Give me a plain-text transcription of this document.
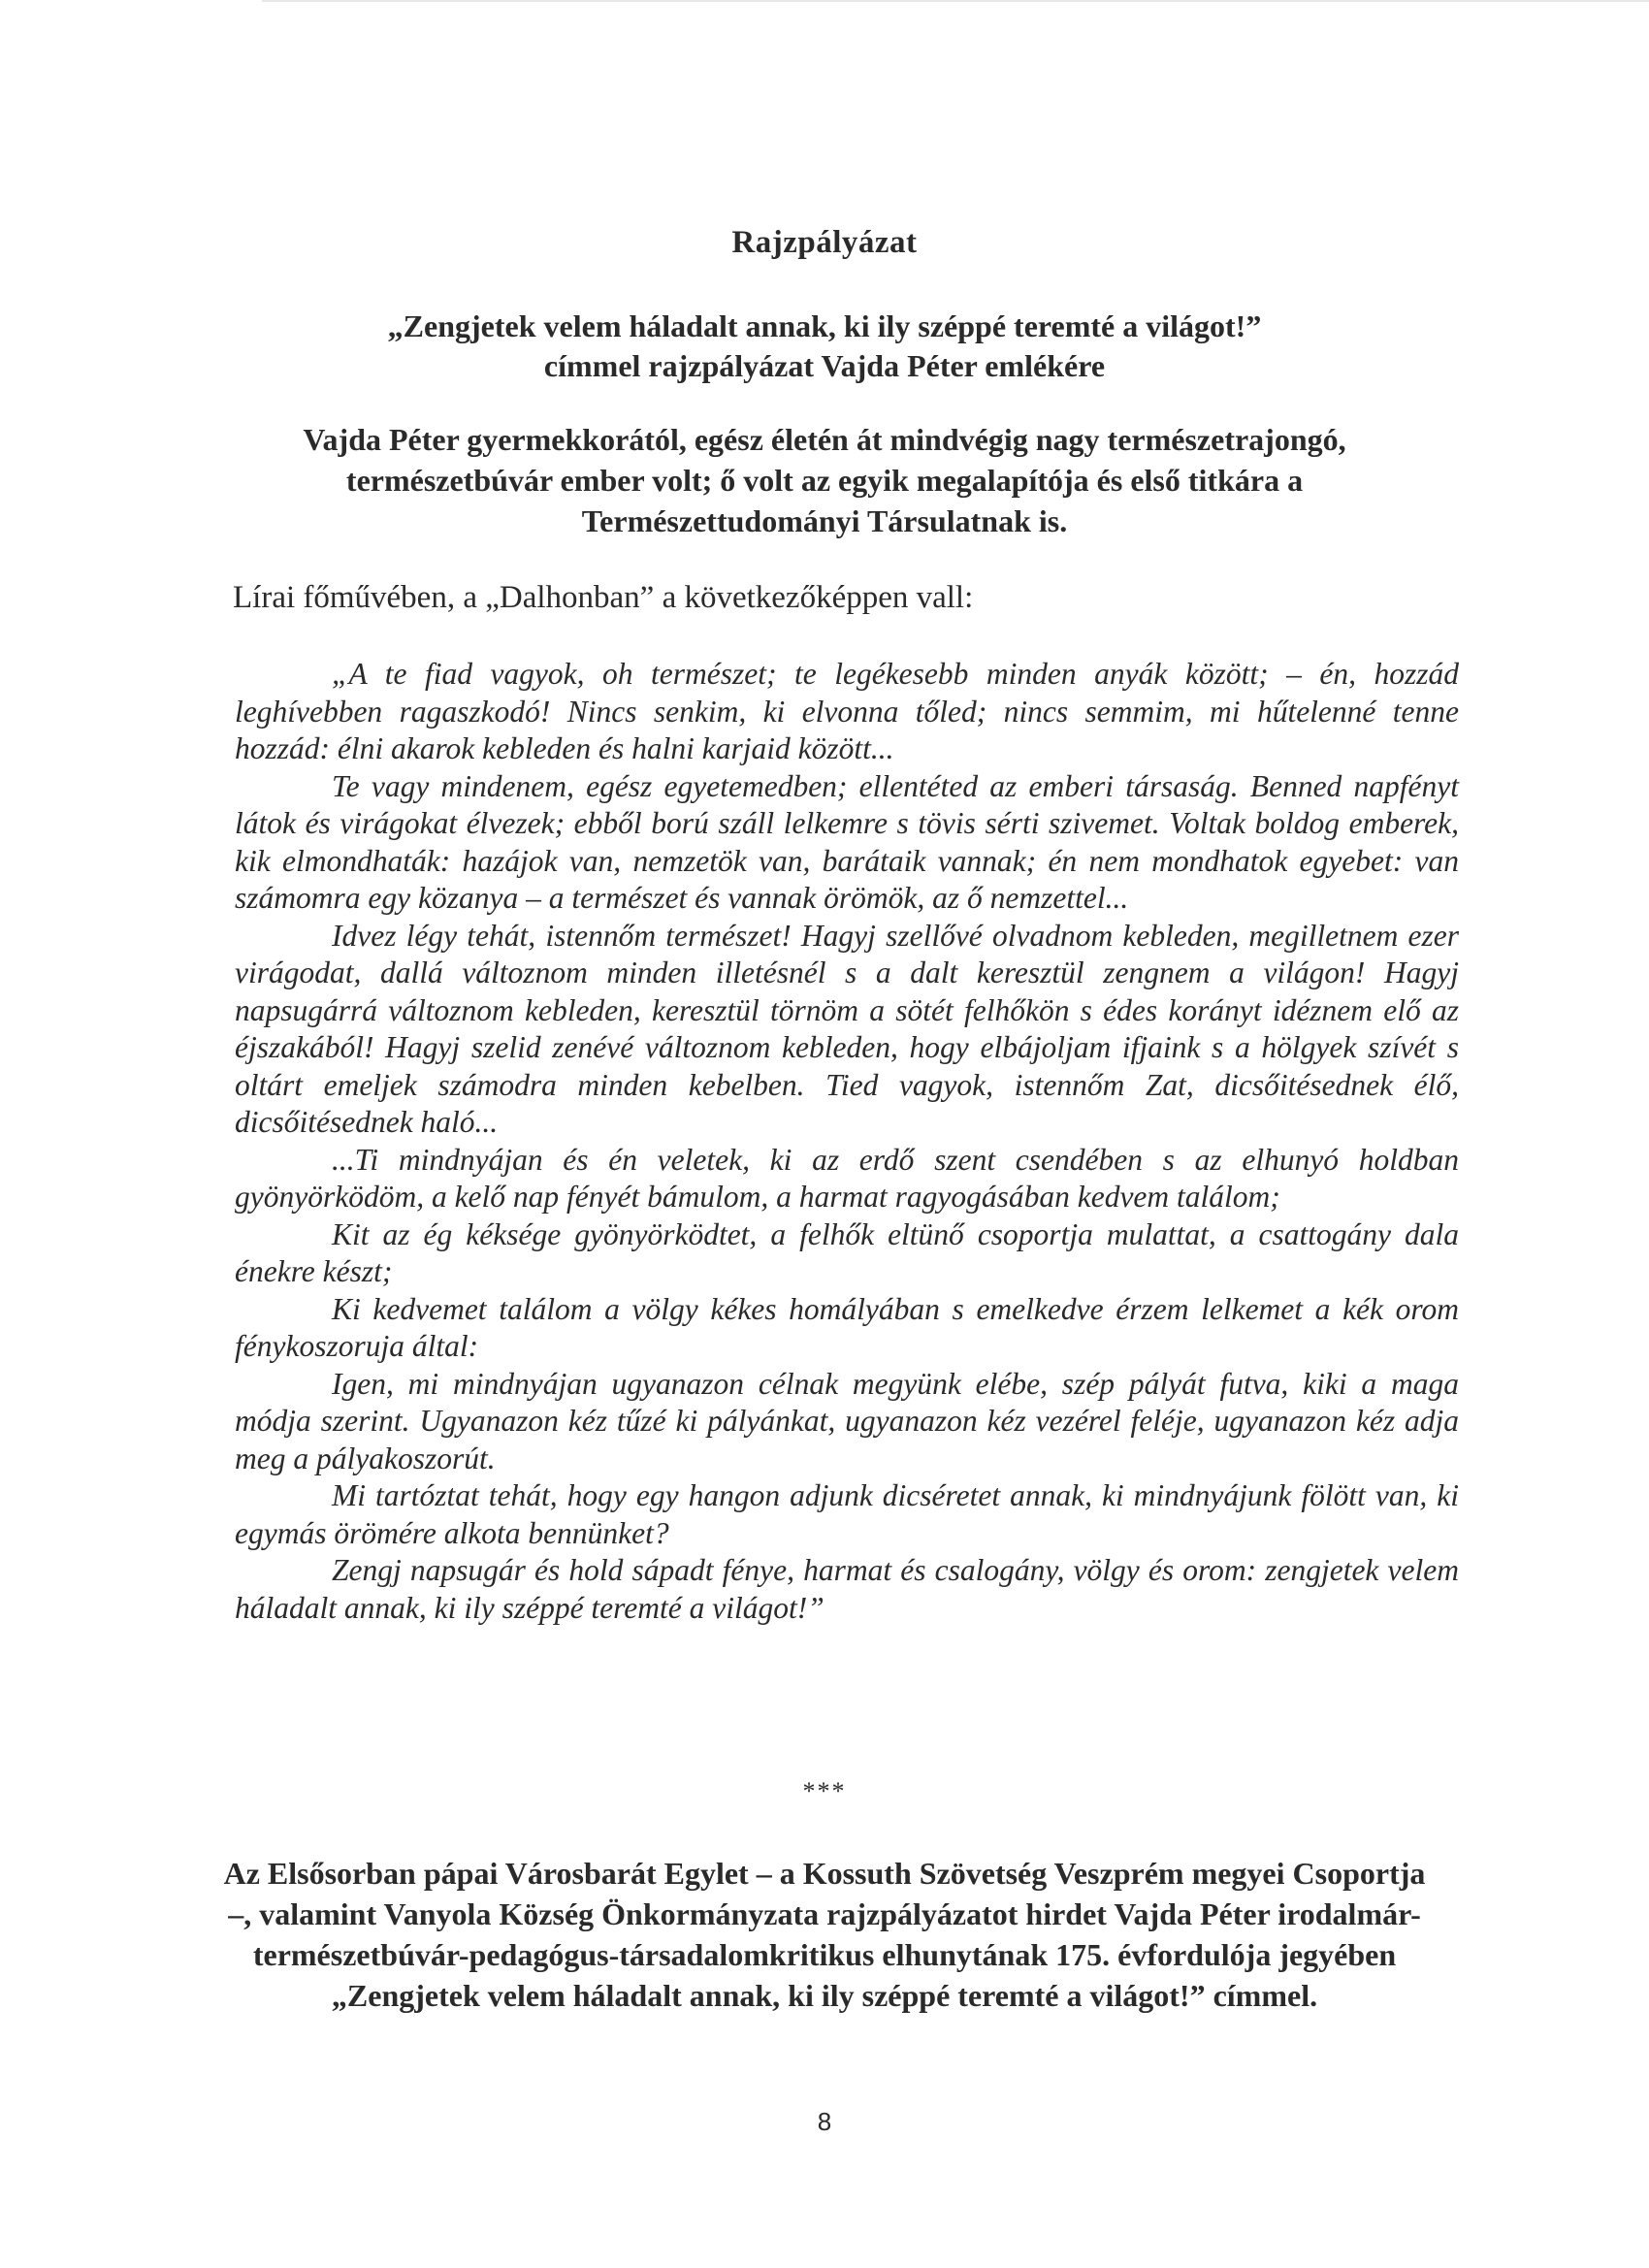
Rajzpályázat
„Zengjetek velem háladalt annak, ki ily széppé teremté a világot!”
címmel rajzpályázat Vajda Péter emlékére
Vajda Péter gyermekkorától, egész életén át mindvégig nagy természetrajongó, természetbúvár ember volt; ő volt az egyik megalapítója és első titkára a Természettudományi Társulatnak is.
Lírai főművében, a „Dalhonban” a következőképpen vall:

„A te fiad vagyok, oh természet; te legékesebb minden anyák között; – én, hozzád leghívebben ragaszkodó! Nincs senkim, ki elvonna tőled; nincs semmim, mi hűtelenné tenne hozzád: élni akarok kebleden és halni karjaid között...

Te vagy mindenem, egész egyetemedben; ellentéted az emberi társaság. Benned napfényt látok és virágokat élvezek; ebből ború száll lelkemre s tövis sérti szivemet. Voltak boldog emberek, kik elmondhaták: hazájok van, nemzetök van, barátaik vannak; én nem mondhatok egyebet: van számomra egy közanya – a természet és vannak örömök, az ő nemzettel...

Idvez légy tehát, istennőm természet! Hagyj szellővé olvadnom kebleden, megilletnem ezer virágodat, dallá változnom minden illetésnél s a dalt keresztül zengnem a világon! Hagyj napsugárrá változnom kebleden, keresztül törnöm a sötét felhőkön s édes korányt idéznem elő az éjszakából! Hagyj szelid zenévé változnom kebleden, hogy elbájoljam ifjaink s a hölgyek szívét s oltárt emeljek számodra minden kebelben. Tied vagyok, istennőm Zat, dicsőitésednek élő, dicsőitésednek haló...

...Ti mindnyájan és én veletek, ki az erdő szent csendében s az elhunyó holdban gyönyörködöm, a kelő nap fényét bámulom, a harmat ragyogásában kedvem találom;

Kit az ég kéksége gyönyörködtet, a felhők eltünő csoportja mulattat, a csattogány dala énekre készt;

Ki kedvemet találom a völgy kékes homályában s emelkedve érzem lelkemet a kék orom fénykoszoruja által:

Igen, mi mindnyájan ugyanazon célnak megyünk elébe, szép pályát futva, kiki a maga módja szerint. Ugyanazon kéz tűzé ki pályánkat, ugyanazon kéz vezérel feléje, ugyanazon kéz adja meg a pályakoszorút.

Mi tartóztat tehát, hogy egy hangon adjunk dicséretet annak, ki mindnyájunk fölött van, ki egymás örömére alkota bennünket?

Zengj napsugár és hold sápadt fénye, harmat és csalogány, völgy és orom: zengjetek velem háladalt annak, ki ily széppé teremté a világot!”

***
Az Elsősorban pápai Városbarát Egylet – a Kossuth Szövetség Veszprém megyei Csoportja –, valamint Vanyola Község Önkormányzata rajzpályázatot hirdet Vajda Péter irodalmár-természetbúvár-pedagógus-társadalomkritikus elhunytának 175. évfordulója jegyében „Zengjetek velem háladalt annak, ki ily széppé teremté a világot!” címmel.
8
